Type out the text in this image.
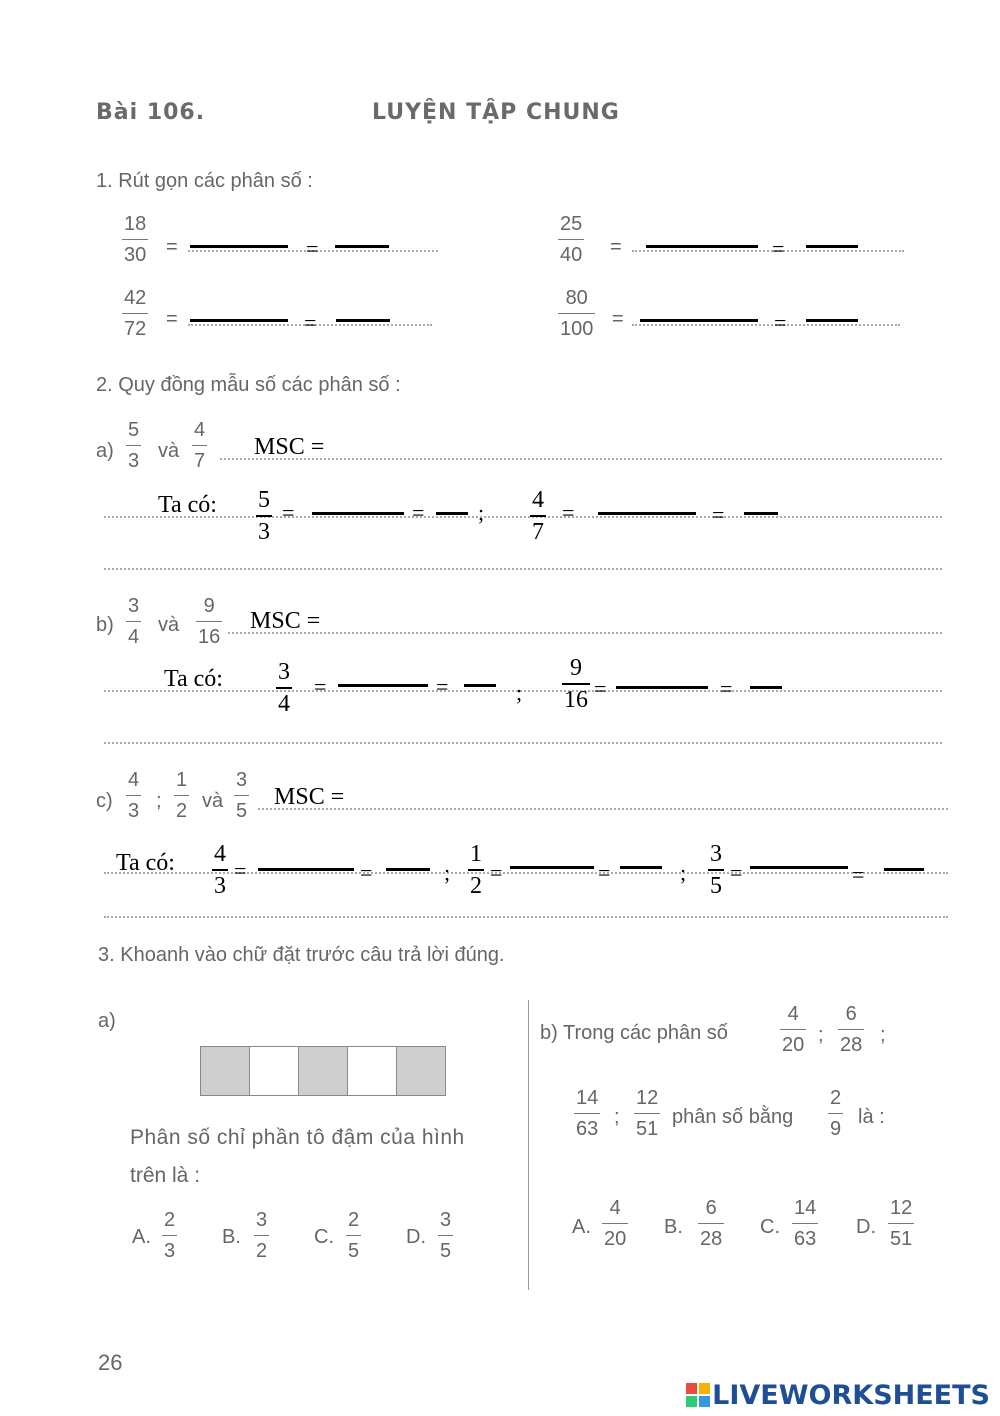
Bài 106.	LUYỆN TẬP CHUNG
1. Rút gọn các phân số :
18
30 =	=
25
40 =	=
42
72 =	=
80
100 =	=
2. Quy đồng mẫu số các phân số :
a)
5
3 và
4
7
MSC =
Ta có: 5
3
=	= ; 4
7
=	=
b)
3
4
và
9
16
MSC =
Ta có: 3
4
=	=	;
9
16 =	=
c)
4
3 ;
1
2 và
3
5
MSC =
Ta có: 4
3
=	=	;
1
2
=	=	;
3
5
=	=
3. Khoanh vào chữ đặt trước câu trả lời đúng.
a)
Phân số chỉ phần tô đậm của hình
trên là :
A.
2
3
B.
3
2
C.
2
5
D.
3
5
b) Trong các phân số
4
20 ;
6
28 ;
14
63
;
12
51
phân số bằng
2
9
là :
A.
4
20
B.
6
28
C.
14
63
D.
12
51
26
LIVEWORKSHEETS
